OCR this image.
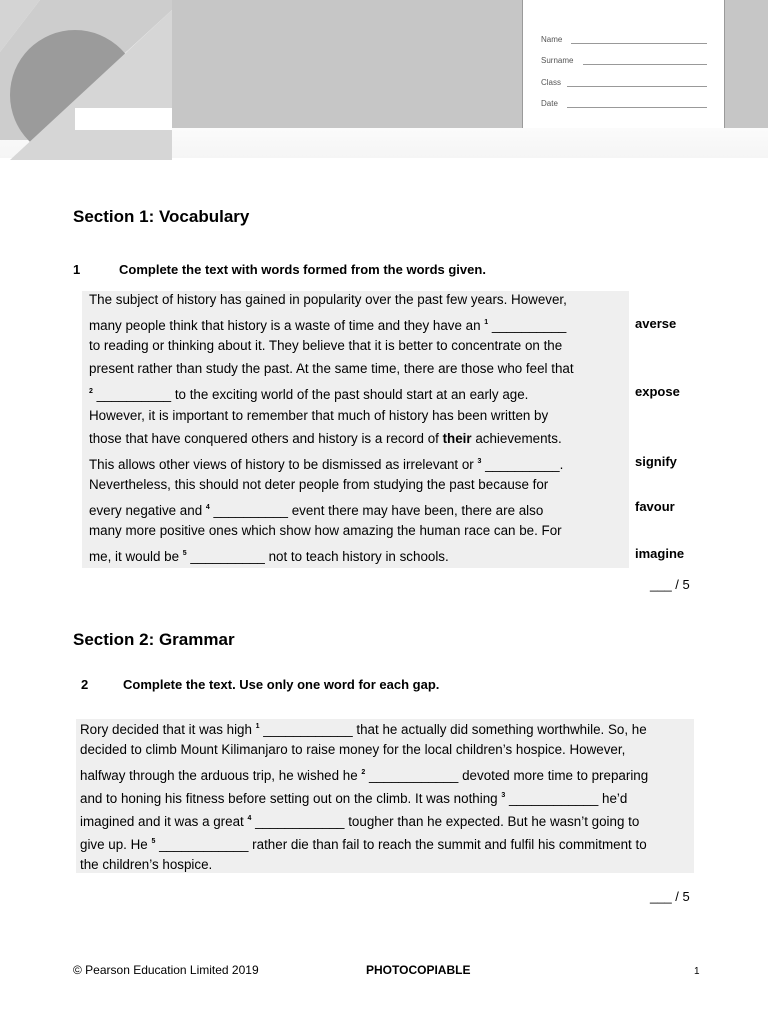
Name
Surname
Class
Date
Section 1: Vocabulary
1	Complete the text with words formed from the words given.
The subject of history has gained in popularity over the past few years. However,
many people think that history is a waste of time and they have an $^1$ __________
to reading or thinking about it. They believe that it is better to concentrate on the
present rather than study the past. At the same time, there are those who feel that
$^2$ __________ to the exciting world of the past should start at an early age.
However, it is important to remember that much of history has been written by
those that have conquered others and history is a record of their achievements.
This allows other views of history to be dismissed as irrelevant or $^3$ __________.
Nevertheless, this should not deter people from studying the past because for
every negative and $^4$ __________ event there may have been, there are also
many more positive ones which show how amazing the human race can be. For
me, it would be $^5$ __________ not to teach history in schools.
averse
expose
signify
favour
imagine
___ / 5
Section 2: Grammar
2	Complete the text. Use only one word for each gap.
Rory decided that it was high $^1$ ____________ that he actually did something worthwhile. So, he
decided to climb Mount Kilimanjaro to raise money for the local children’s hospice. However,
halfway through the arduous trip, he wished he $^2$ ____________ devoted more time to preparing
and to honing his fitness before setting out on the climb. It was nothing $^3$ ____________ he’d
imagined and it was a great $^4$ ____________ tougher than he expected. But he wasn’t going to
give up. He $^5$ ____________ rather die than fail to reach the summit and fulfil his commitment to
the children’s hospice.
___ / 5
© Pearson Education Limited 2019	PHOTOCOPIABLE	1
